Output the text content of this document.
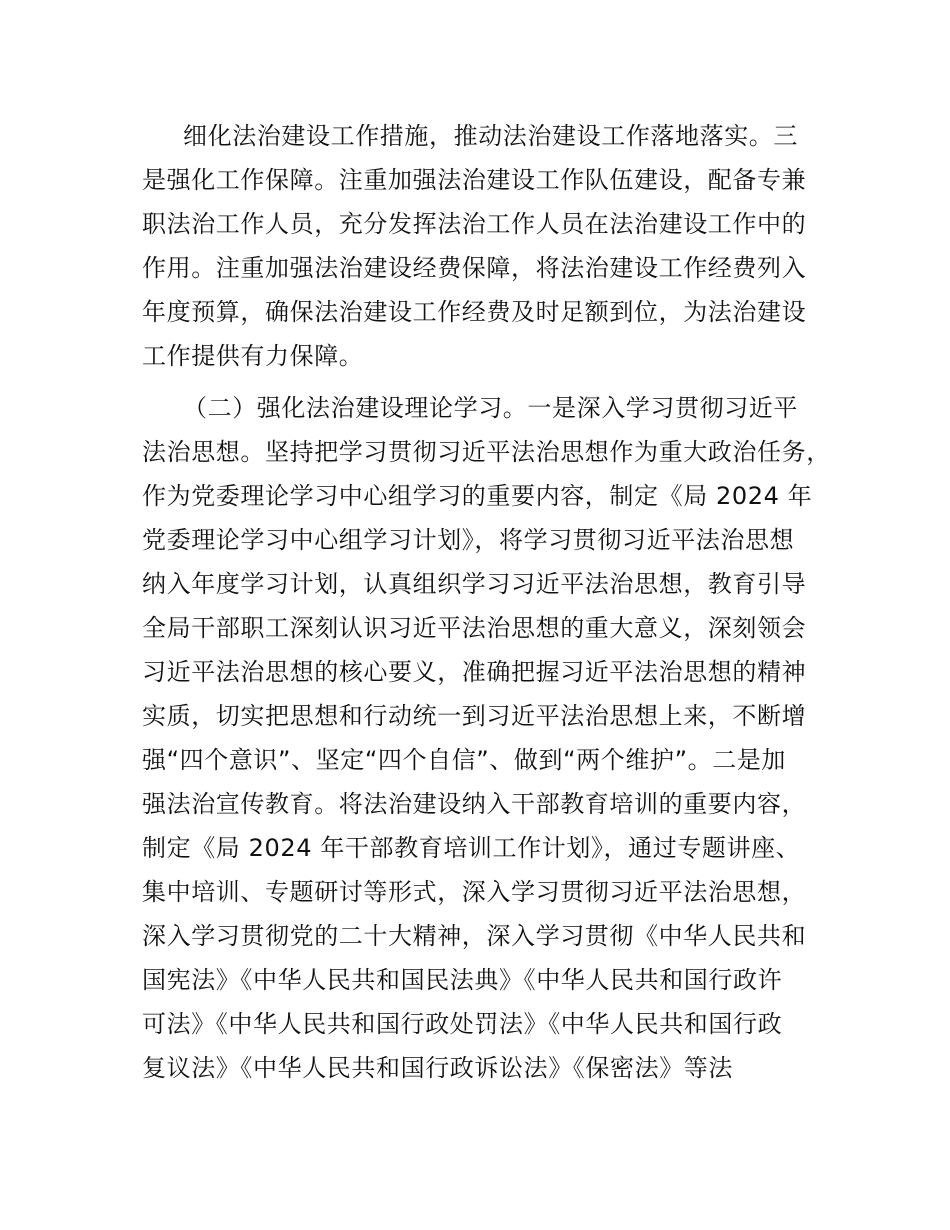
细化法治建设工作措施，推动法治建设工作落地落实。三
是强化工作保障。注重加强法治建设工作队伍建设，配备专兼
职法治工作人员，充分发挥法治工作人员在法治建设工作中的
作用。注重加强法治建设经费保障，将法治建设工作经费列入
年度预算，确保法治建设工作经费及时足额到位，为法治建设
工作提供有力保障。
（二）强化法治建设理论学习。一是深入学习贯彻习近平
法治思想。坚持把学习贯彻习近平法治思想作为重大政治任务，
作为党委理论学习中心组学习的重要内容，制定《局 2024 年
党委理论学习中心组学习计划》，将学习贯彻习近平法治思想
纳入年度学习计划，认真组织学习习近平法治思想，教育引导
全局干部职工深刻认识习近平法治思想的重大意义，深刻领会
习近平法治思想的核心要义，准确把握习近平法治思想的精神
实质，切实把思想和行动统一到习近平法治思想上来，不断增
强“四个意识”、坚定“四个自信”、做到“两个维护”。二是加
强法治宣传教育。将法治建设纳入干部教育培训的重要内容，
制定《局 2024 年干部教育培训工作计划》，通过专题讲座、
集中培训、专题研讨等形式，深入学习贯彻习近平法治思想，
深入学习贯彻党的二十大精神，深入学习贯彻《中华人民共和
国宪法》《中华人民共和国民法典》《中华人民共和国行政许
可法》《中华人民共和国行政处罚法》《中华人民共和国行政
复议法》《中华人民共和国行政诉讼法》《保密法》等法
